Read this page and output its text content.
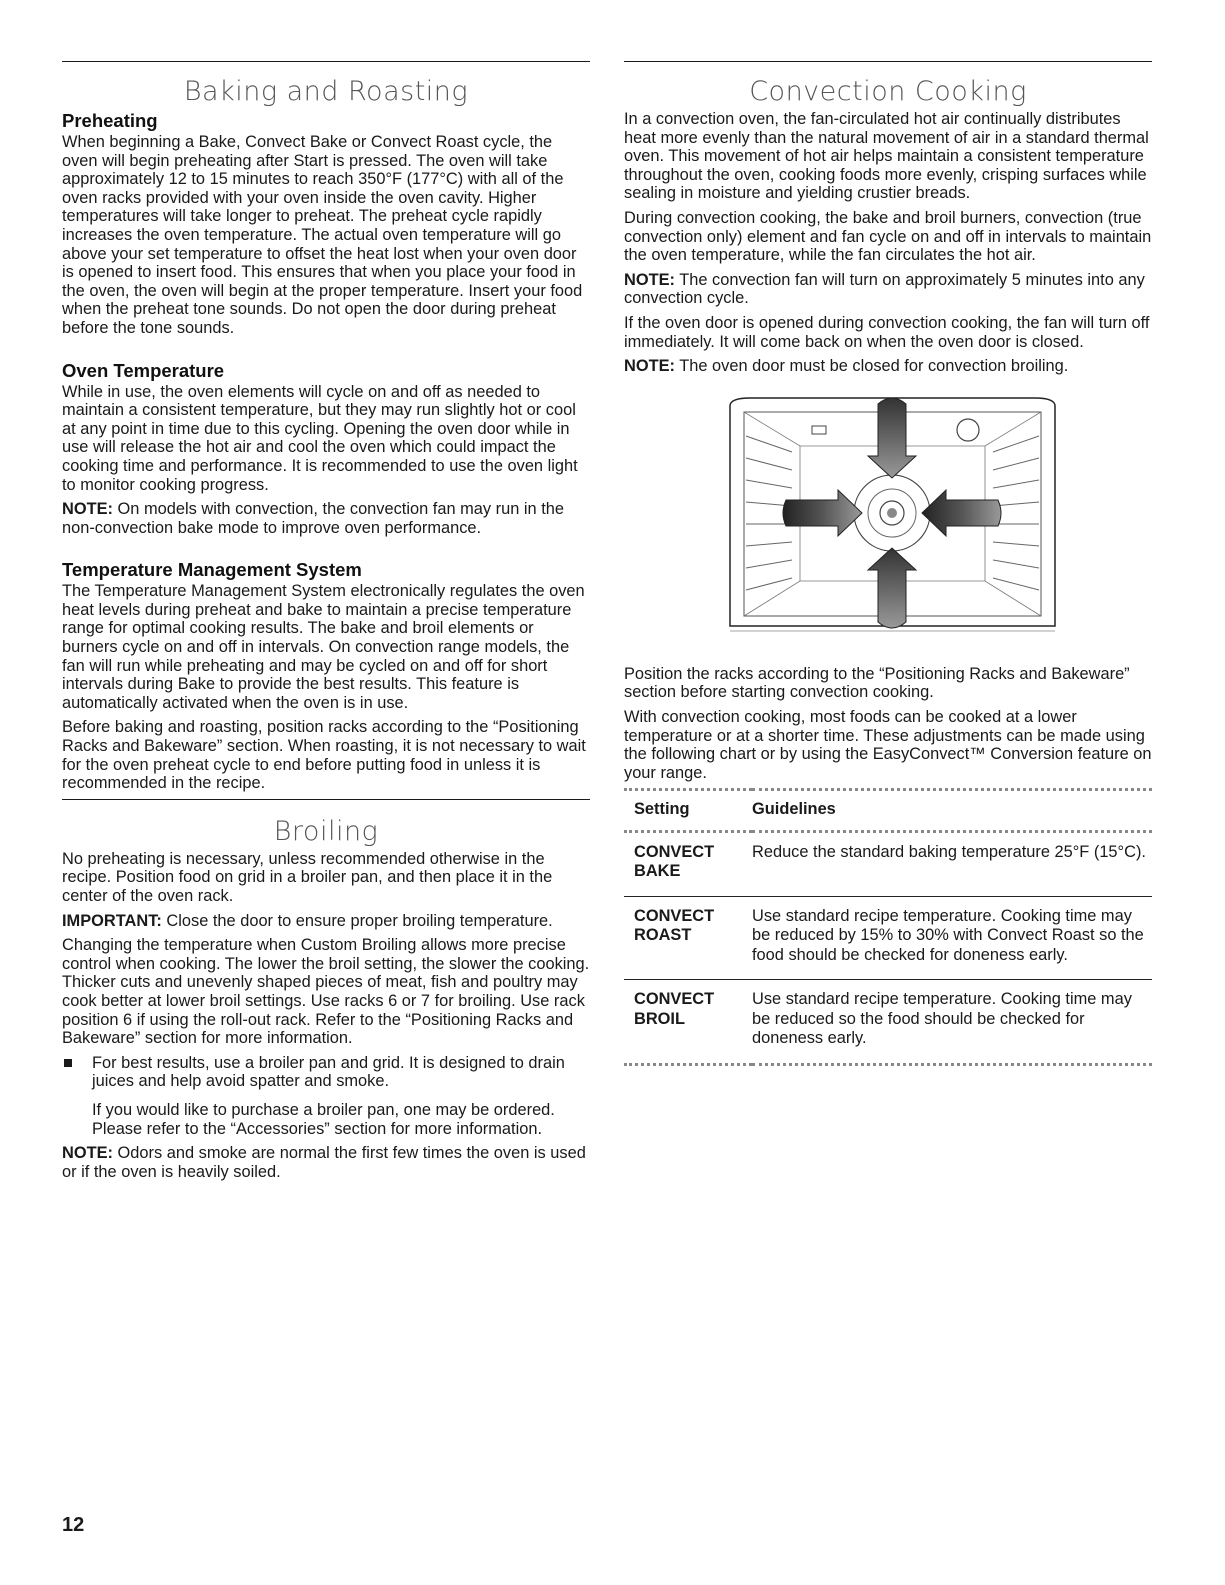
Baking and Roasting
Preheating

When beginning a Bake, Convect Bake or Convect Roast cycle, the oven will begin preheating after Start is pressed. The oven will take approximately 12 to 15 minutes to reach 350°F (177°C) with all of the oven racks provided with your oven inside the oven cavity. Higher temperatures will take longer to preheat. The preheat cycle rapidly increases the oven temperature. The actual oven temperature will go above your set temperature to offset the heat lost when your oven door is opened to insert food. This ensures that when you place your food in the oven, the oven will begin at the proper temperature. Insert your food when the preheat tone sounds. Do not open the door during preheat before the tone sounds.

Oven Temperature

While in use, the oven elements will cycle on and off as needed to maintain a consistent temperature, but they may run slightly hot or cool at any point in time due to this cycling. Opening the oven door while in use will release the hot air and cool the oven which could impact the cooking time and performance. It is recommended to use the oven light to monitor cooking progress.

NOTE: On models with convection, the convection fan may run in the non-convection bake mode to improve oven performance.

Temperature Management System

The Temperature Management System electronically regulates the oven heat levels during preheat and bake to maintain a precise temperature range for optimal cooking results. The bake and broil elements or burners cycle on and off in intervals. On convection range models, the fan will run while preheating and may be cycled on and off for short intervals during Bake to provide the best results. This feature is automatically activated when the oven is in use.

Before baking and roasting, position racks according to the “Positioning Racks and Bakeware” section. When roasting, it is not necessary to wait for the oven preheat cycle to end before putting food in unless it is recommended in the recipe.

Broiling

No preheating is necessary, unless recommended otherwise in the recipe. Position food on grid in a broiler pan, and then place it in the center of the oven rack.

IMPORTANT: Close the door to ensure proper broiling temperature.

Changing the temperature when Custom Broiling allows more precise control when cooking. The lower the broil setting, the slower the cooking. Thicker cuts and unevenly shaped pieces of meat, fish and poultry may cook better at lower broil settings. Use racks 6 or 7 for broiling. Use rack position 6 if using the roll-out rack. Refer to the “Positioning Racks and Bakeware” section for more information.

For best results, use a broiler pan and grid. It is designed to drain juices and help avoid spatter and smoke.

If you would like to purchase a broiler pan, one may be ordered. Please refer to the “Accessories” section for more information.

NOTE: Odors and smoke are normal the first few times the oven is used or if the oven is heavily soiled.

Convection Cooking

In a convection oven, the fan-circulated hot air continually distributes heat more evenly than the natural movement of air in a standard thermal oven. This movement of hot air helps maintain a consistent temperature throughout the oven, cooking foods more evenly, crisping surfaces while sealing in moisture and yielding crustier breads.

During convection cooking, the bake and broil burners, convection (true convection only) element and fan cycle on and off in intervals to maintain the oven temperature, while the fan circulates the hot air.

NOTE: The convection fan will turn on approximately 5 minutes into any convection cycle.

If the oven door is opened during convection cooking, the fan will turn off immediately. It will come back on when the oven door is closed.

NOTE: The oven door must be closed for convection broiling.

Position the racks according to the “Positioning Racks and Bakeware” section before starting convection cooking.

With convection cooking, most foods can be cooked at a lower temperature or at a shorter time. These adjustments can be made using the following chart or by using the EasyConvect™ Conversion feature on your range.

Setting	Guidelines
CONVECT BAKE	Reduce the standard baking temperature 25°F (15°C).
CONVECT ROAST	Use standard recipe temperature. Cooking time may be reduced by 15% to 30% with Convect Roast so the food should be checked for doneness early.
CONVECT BROIL	Use standard recipe temperature. Cooking time may be reduced so the food should be checked for doneness early.

12
